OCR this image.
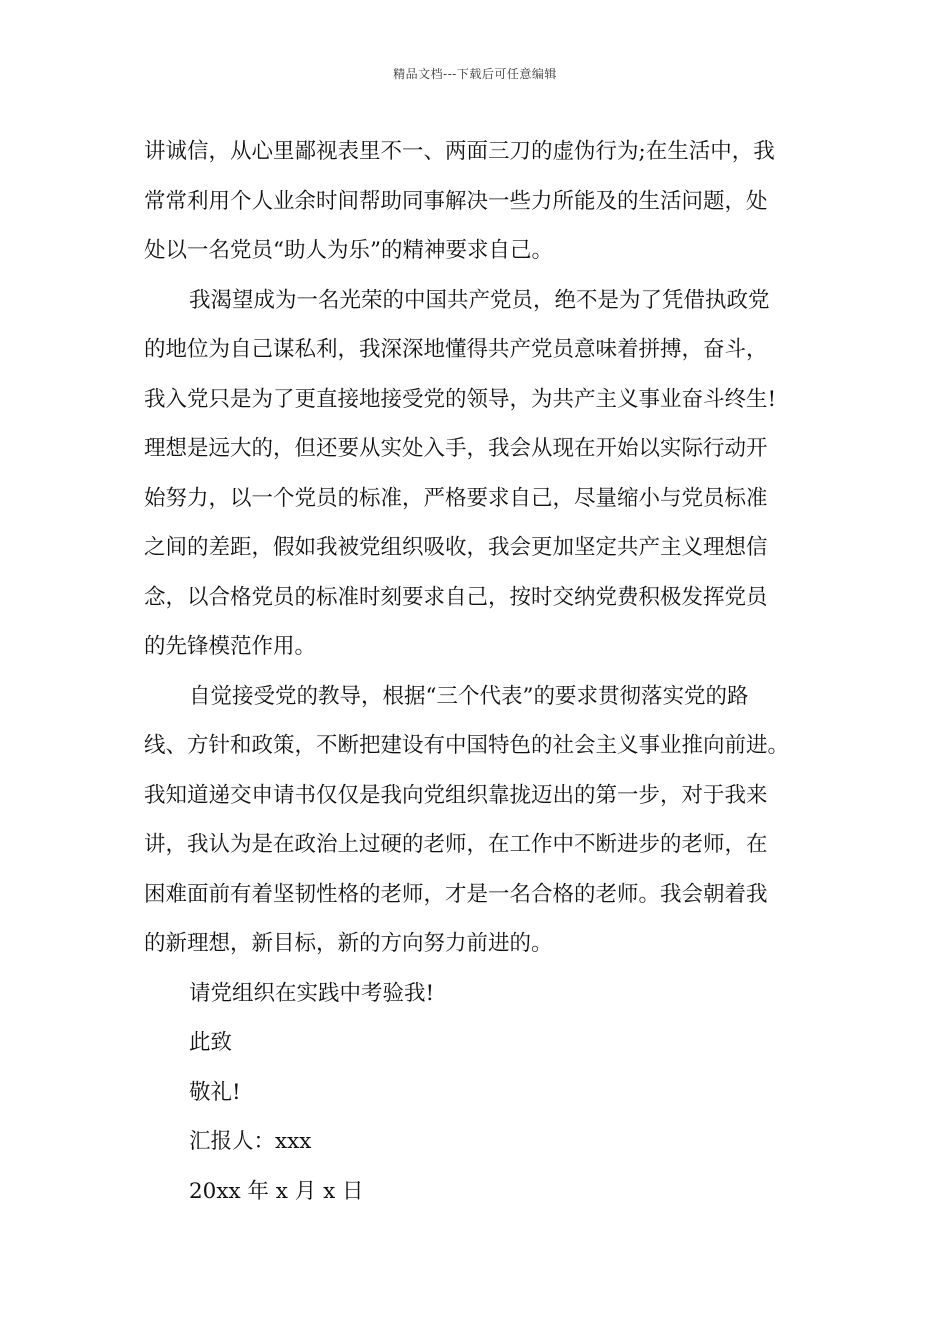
精品文档---下载后可任意编辑
讲诚信，从心里鄙视表里不一、两面三刀的虚伪行为;在生活中，我
常常利用个人业余时间帮助同事解决一些力所能及的生活问题，处
处以一名党员“助人为乐”的精神要求自己。
我渴望成为一名光荣的中国共产党员，绝不是为了凭借执政党
的地位为自己谋私利，我深深地懂得共产党员意味着拼搏，奋斗，
我入党只是为了更直接地接受党的领导，为共产主义事业奋斗终生!
理想是远大的，但还要从实处入手，我会从现在开始以实际行动开
始努力，以一个党员的标准，严格要求自己，尽量缩小与党员标准
之间的差距，假如我被党组织吸收，我会更加坚定共产主义理想信
念，以合格党员的标准时刻要求自己，按时交纳党费积极发挥党员
的先锋模范作用。
自觉接受党的教导，根据“三个代表”的要求贯彻落实党的路
线、方针和政策，不断把建设有中国特色的社会主义事业推向前进。
我知道递交申请书仅仅是我向党组织靠拢迈出的第一步，对于我来
讲，我认为是在政治上过硬的老师，在工作中不断进步的老师，在
困难面前有着坚韧性格的老师，才是一名合格的老师。我会朝着我
的新理想，新目标，新的方向努力前进的。
请党组织在实践中考验我!
此致
敬礼!
汇报人：xxx
20xx 年 x 月 x 日
